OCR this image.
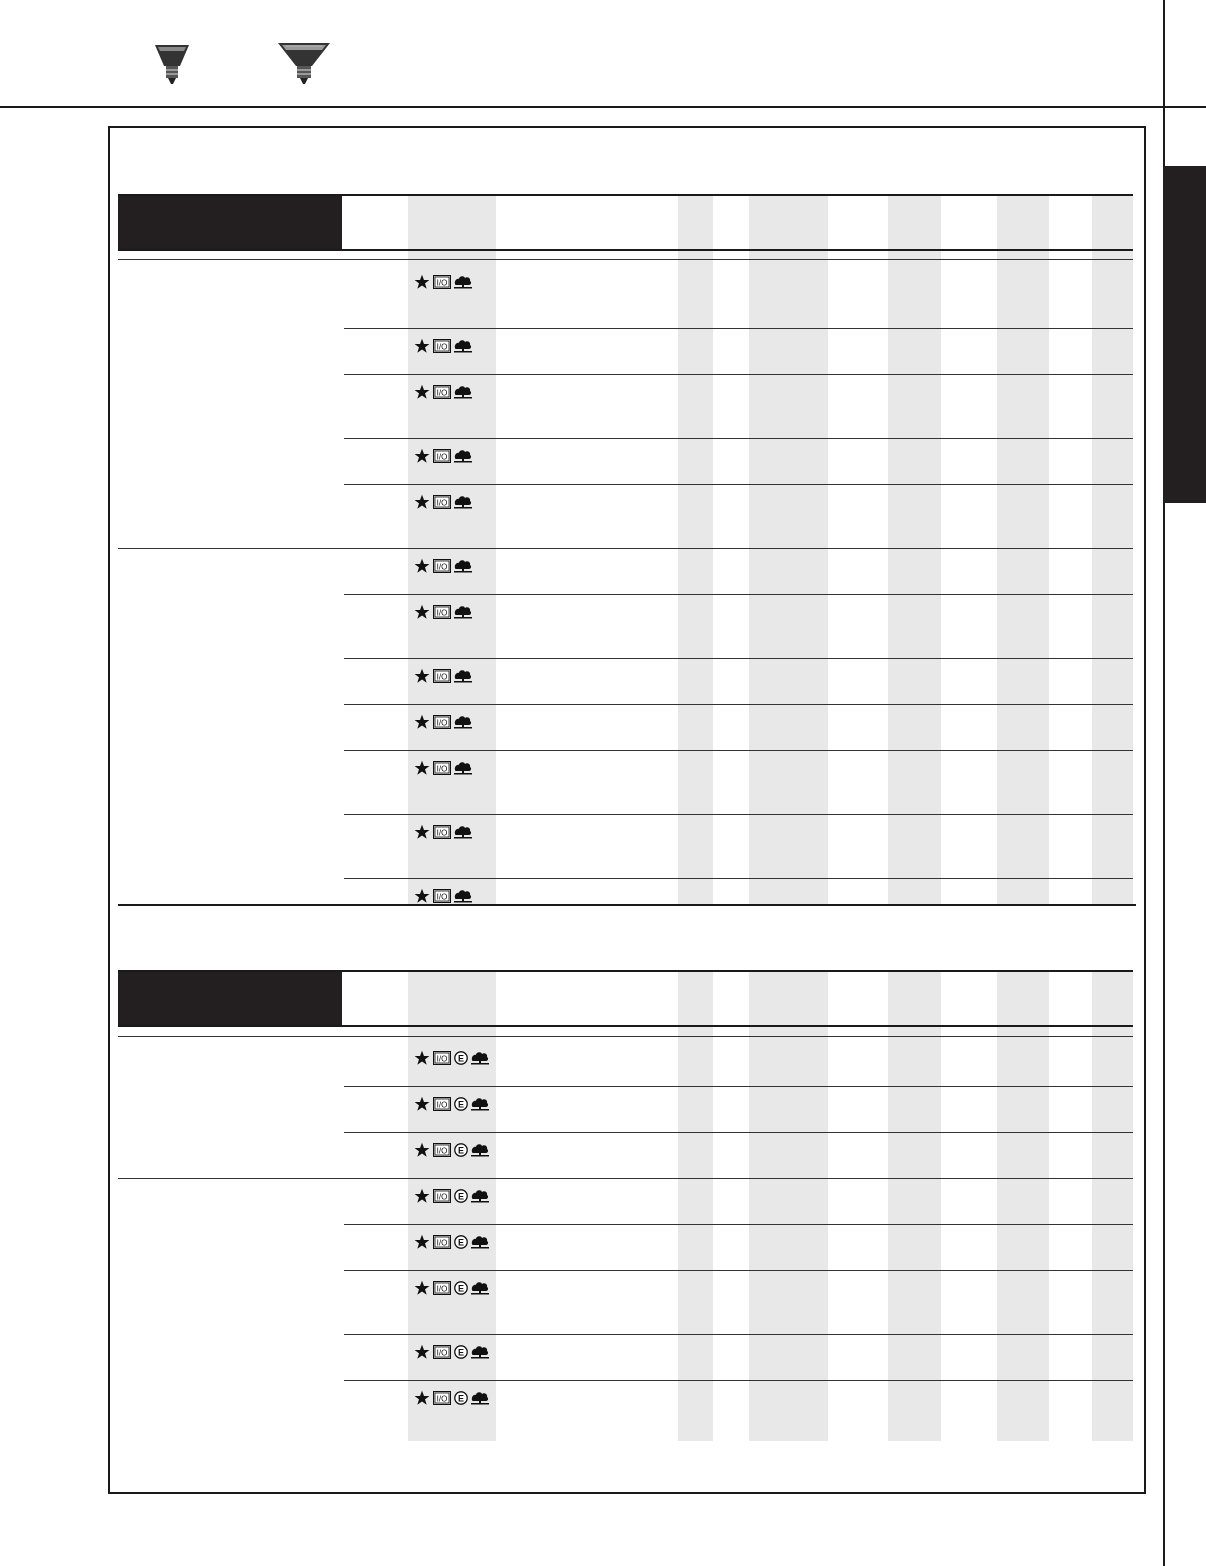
I/O
I/O
I/O
I/O
I/O
I/O
I/O
I/O
I/O
I/O
I/O
I/O
I/O E
I/O E
I/O E
I/O E
I/O E
I/O E
I/O E
I/O E
